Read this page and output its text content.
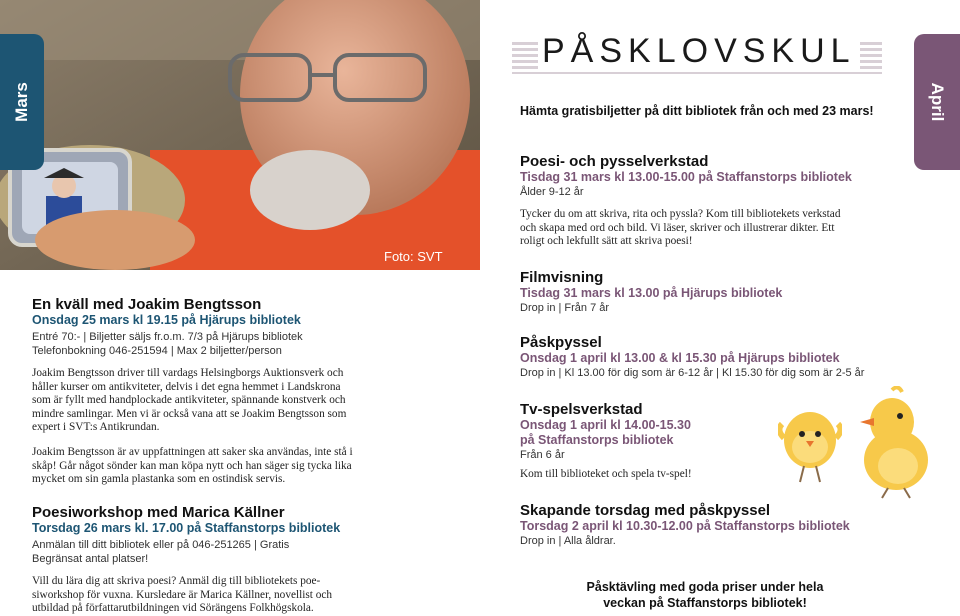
Foto: SVT
Mars	April
En kväll med Joakim Bengtsson
Onsdag 25 mars kl 19.15 på Hjärups bibliotek
Entré 70:- | Biljetter säljs fr.o.m. 7/3 på Hjärups bibliotek
Telefonbokning 046-251594 | Max 2 biljetter/person
Joakim Bengtsson driver till vardags Helsingborgs Auktionsverk och
håller kurser om antikviteter, delvis i det egna hemmet i Landskrona
som är fyllt med handplockade antikviteter, spännande konstverk och
mindre samlingar. Men vi är också vana att se Joakim Bengtsson som
expert i SVT:s Antikrundan.
Joakim Bengtsson är av uppfattningen att saker ska användas, inte stå i
skåp! Går något sönder kan man köpa nytt och han säger sig tycka lika
mycket om sin gamla plastanka som en ostindisk servis.
Poesiworkshop med Marica Källner
Torsdag 26 mars kl. 17.00 på Staffanstorps bibliotek
Anmälan till ditt bibliotek eller på 046-251265 | Gratis
Begränsat antal platser!
Vill du lära dig att skriva poesi? Anmäl dig till bibliotekets poe-
siworkshop för vuxna. Kursledare är Marica Källner, novellist och
utbildad på författarutbildningen vid Sörängens Folkhögskola.
PÅSKLOVSKUL
Hämta gratisbiljetter på ditt bibliotek från och med 23 mars!
Poesi- och pysselverkstad
Tisdag 31 mars kl 13.00-15.00 på Staffanstorps bibliotek
Ålder 9-12 år
Tycker du om att skriva, rita och pyssla? Kom till bibliotekets verkstad
och skapa med ord och bild. Vi läser, skriver och illustrerar dikter. Ett
roligt och lekfullt sätt att skriva poesi!
Filmvisning
Tisdag 31 mars kl 13.00 på Hjärups bibliotek
Drop in | Från 7 år
Påskpyssel
Onsdag 1 april kl 13.00 & kl 15.30 på Hjärups bibliotek
Drop in | Kl 13.00 för dig som är 6-12 år | Kl 15.30 för dig som är 2-5 år
Tv-spelsverkstad
Onsdag 1 april kl 14.00-15.30
på Staffanstorps bibliotek
Från 6 år
Kom till biblioteket och spela tv-spel!
Skapande torsdag med påskpyssel
Torsdag 2 april kl 10.30-12.00 på Staffanstorps bibliotek
Drop in | Alla åldrar.
Påsktävling med goda priser under hela
veckan på Staffanstorps bibliotek!
